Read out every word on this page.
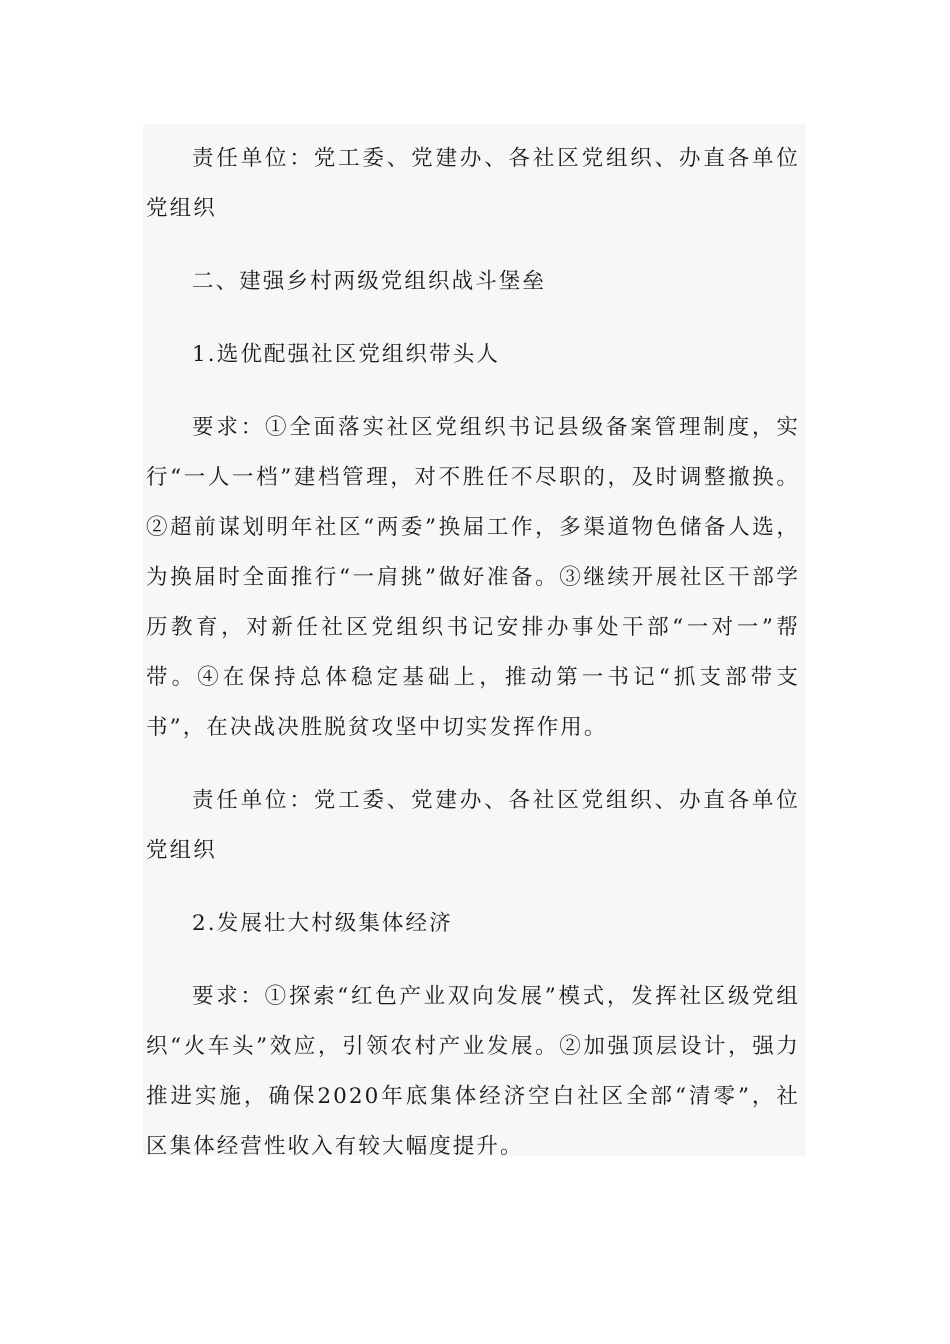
责任单位：党工委、党建办、各社区党组织、办直各单位党组织

二、建强乡村两级党组织战斗堡垒

1.选优配强社区党组织带头人

要求：①全面落实社区党组织书记县级备案管理制度，实行“一人一档”建档管理，对不胜任不尽职的，及时调整撤换。②超前谋划明年社区“两委”换届工作，多渠道物色储备人选，为换届时全面推行“一肩挑”做好准备。③继续开展社区干部学历教育，对新任社区党组织书记安排办事处干部“一对一”帮带。④在保持总体稳定基础上，推动第一书记“抓支部带支书”，在决战决胜脱贫攻坚中切实发挥作用。

责任单位：党工委、党建办、各社区党组织、办直各单位党组织

2.发展壮大村级集体经济

要求：①探索“红色产业双向发展”模式，发挥社区级党组织“火车头”效应，引领农村产业发展。②加强顶层设计，强力推进实施，确保2020年底集体经济空白社区全部“清零”，社区集体经营性收入有较大幅度提升。
